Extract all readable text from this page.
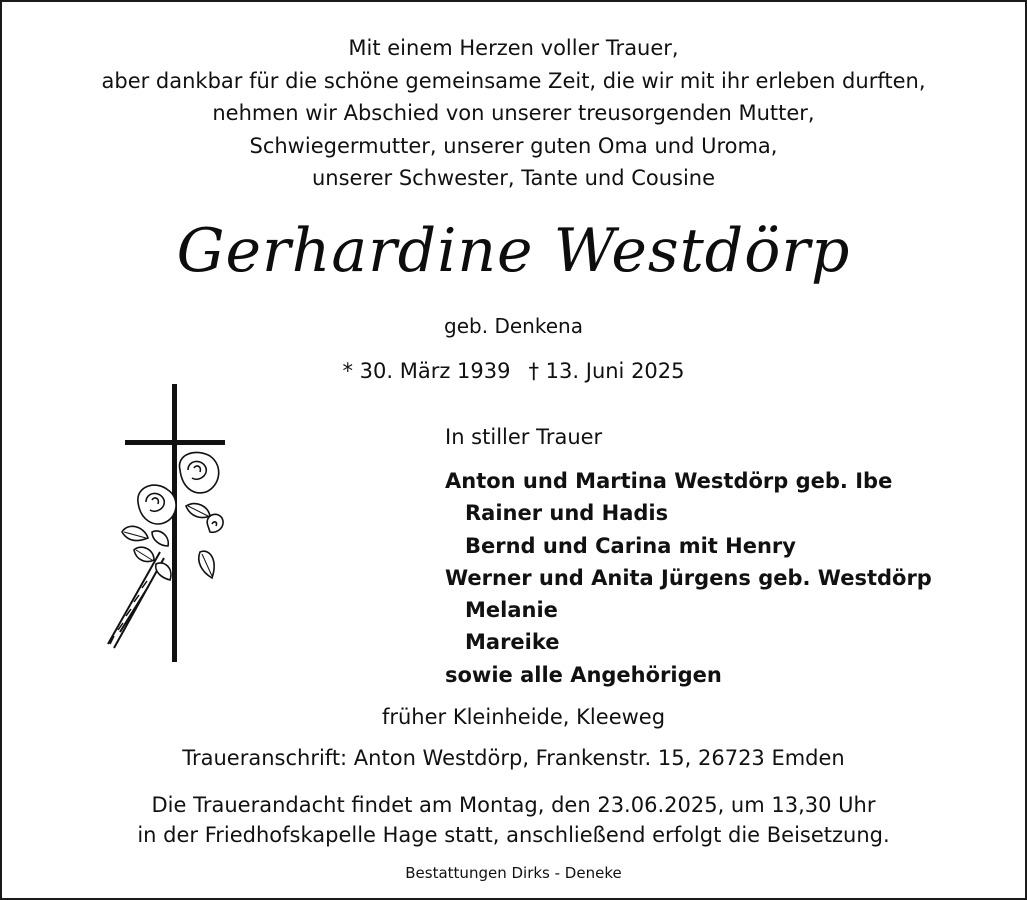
Mit einem Herzen voller Trauer,
aber dankbar für die schöne gemeinsame Zeit, die wir mit ihr erleben durften,
nehmen wir Abschied von unserer treusorgenden Mutter,
Schwiegermutter, unserer guten Oma und Uroma,
unserer Schwester, Tante und Cousine
Gerhardine Westdörp
geb. Denkena
* 30. März 1939 † 13. Juni 2025
In stiller Trauer
Anton und Martina Westdörp geb. Ibe
Rainer und Hadis
Bernd und Carina mit Henry
Werner und Anita Jürgens geb. Westdörp
Melanie
Mareike
sowie alle Angehörigen
früher Kleinheide, Kleeweg
Traueranschrift: Anton Westdörp, Frankenstr. 15, 26723 Emden
Die Trauerandacht findet am Montag, den 23.06.2025, um 13,30 Uhr
in der Friedhofskapelle Hage statt, anschließend erfolgt die Beisetzung.
Bestattungen Dirks - Deneke
